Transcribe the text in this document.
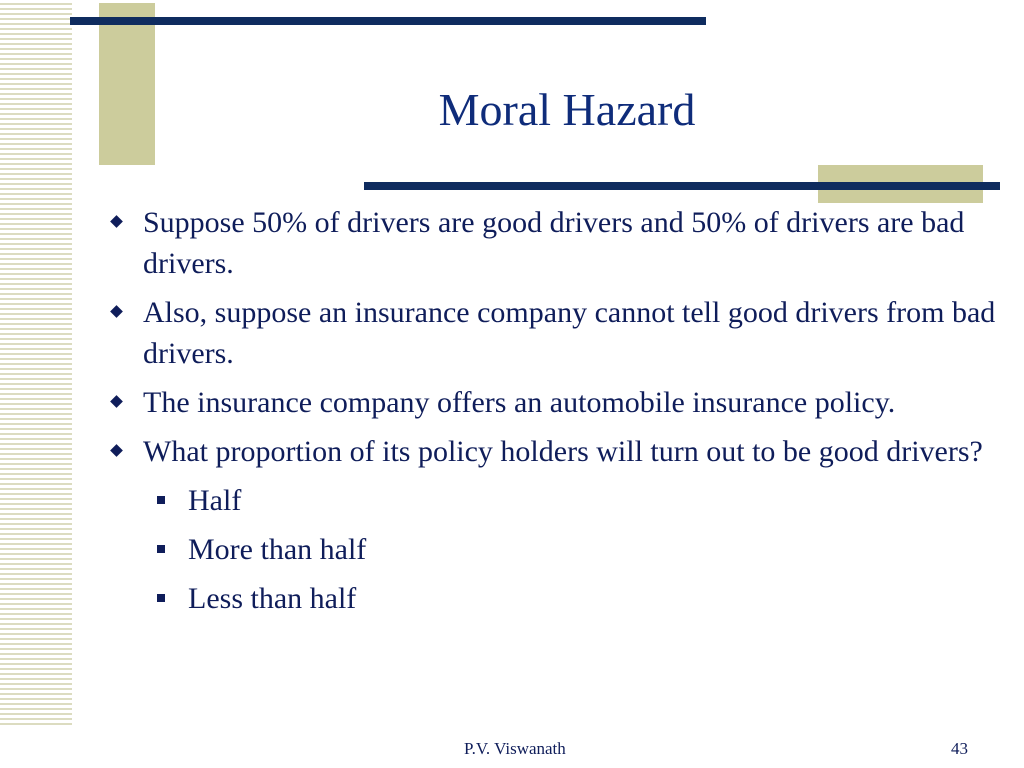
Moral Hazard
Suppose 50% of drivers are good drivers and 50% of drivers are bad drivers.
Also, suppose an insurance company cannot tell good drivers from bad drivers.
The insurance company offers an automobile insurance policy.
What proportion of its policy holders will turn out to be good drivers?
Half
More than half
Less than half
P.V. Viswanath	43
